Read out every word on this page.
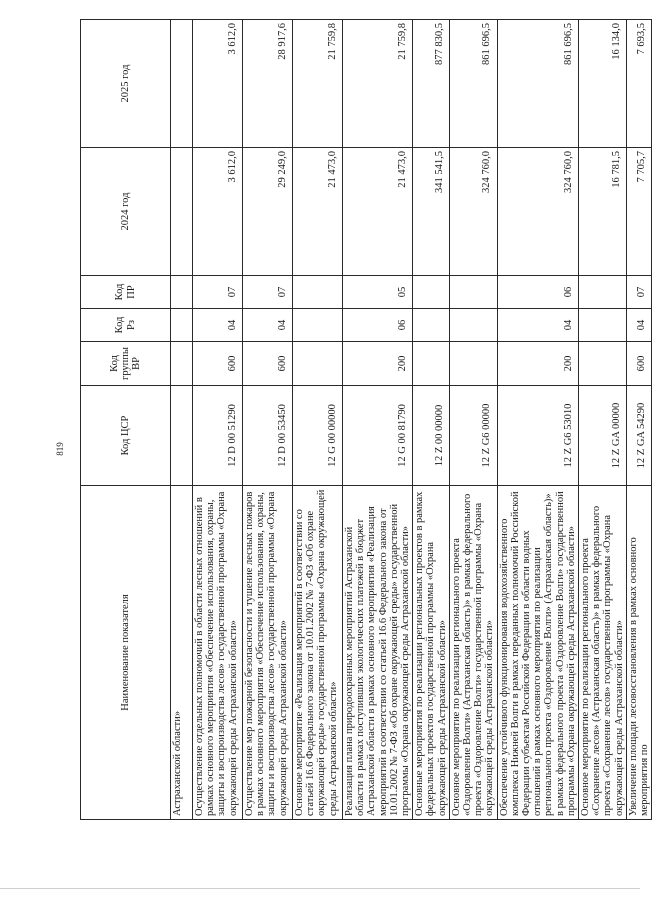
819
Наименование показателя	Код ЦСР	Код группы ВР	Код Рз	Код ПР	2024 год	2025 год
Астраханской области»						
Осуществление отдельных полномочий в области лесных отношений в рамках основного мероприятия «Обеспечение использования, охраны, защиты и воспроизводства лесов» государственной программы «Охрана окружающей среды Астраханской области»	12 D 00 51290	600	04	07	3 612,0	3 612,0
Осуществление мер пожарной безопасности и тушение лесных пожаров в рамках основного мероприятия «Обеспечение использования, охраны, защиты и воспроизводства лесов» государственной программы «Охрана окружающей среды Астраханской области»	12 D 00 53450	600	04	07	29 249,0	28 917,6
Основное мероприятие «Реализация мероприятий в соответствии со статьей 16.6 Федерального закона от 10.01.2002 № 7-ФЗ «Об охране окружающей среды» государственной программы «Охрана окружающей среды Астраханской области»	12 G 00 00000				21 473,0	21 759,8
Реализация плана природоохранных мероприятий Астраханской области в рамках поступивших экологических платежей в бюджет Астраханской области в рамках основного мероприятия «Реализация мероприятий в соответствии со статьей 16.6 Федерального закона от 10.01.2002 № 7-ФЗ «Об охране окружающей среды» государственной программы «Охрана окружающей среды Астраханской области»	12 G 00 81790	200	06	05	21 473,0	21 759,8
Основные мероприятия по реализации региональных проектов в рамках федеральных проектов государственной программы «Охрана окружающей среды Астраханской области»	12 Z 00 00000				341 541,5	877 830,5
Основное мероприятие по реализации регионального проекта «Оздоровление Волги» (Астраханская область)» в рамках федерального проекта «Оздоровление Волги» государственной программы «Охрана окружающей среды Астраханской области»	12 Z G6 00000				324 760,0	861 696,5
Обеспечение устойчивого функционирования водохозяйственного комплекса Нижней Волги в рамках переданных полномочий Российской Федерации субъектам Российской Федерации в области водных отношений в рамках основного мероприятия по реализации регионального проекта «Оздоровление Волги» (Астраханская область)» в рамках федерального проекта «Оздоровление Волги» государственной программы «Охрана окружающей среды Астраханской области»	12 Z G6 53010	200	04	06	324 760,0	861 696,5
Основное мероприятие по реализации регионального проекта «Сохранение лесов» (Астраханская область)» в рамках федерального проекта «Сохранение лесов» государственной программы «Охрана окружающей среды Астраханской области»	12 Z GA 00000				16 781,5	16 134,0
Увеличение площади лесовосстановления в рамках основного мероприятия по	12 Z GA 54290	600	04	07	7 705,7	7 693,5
